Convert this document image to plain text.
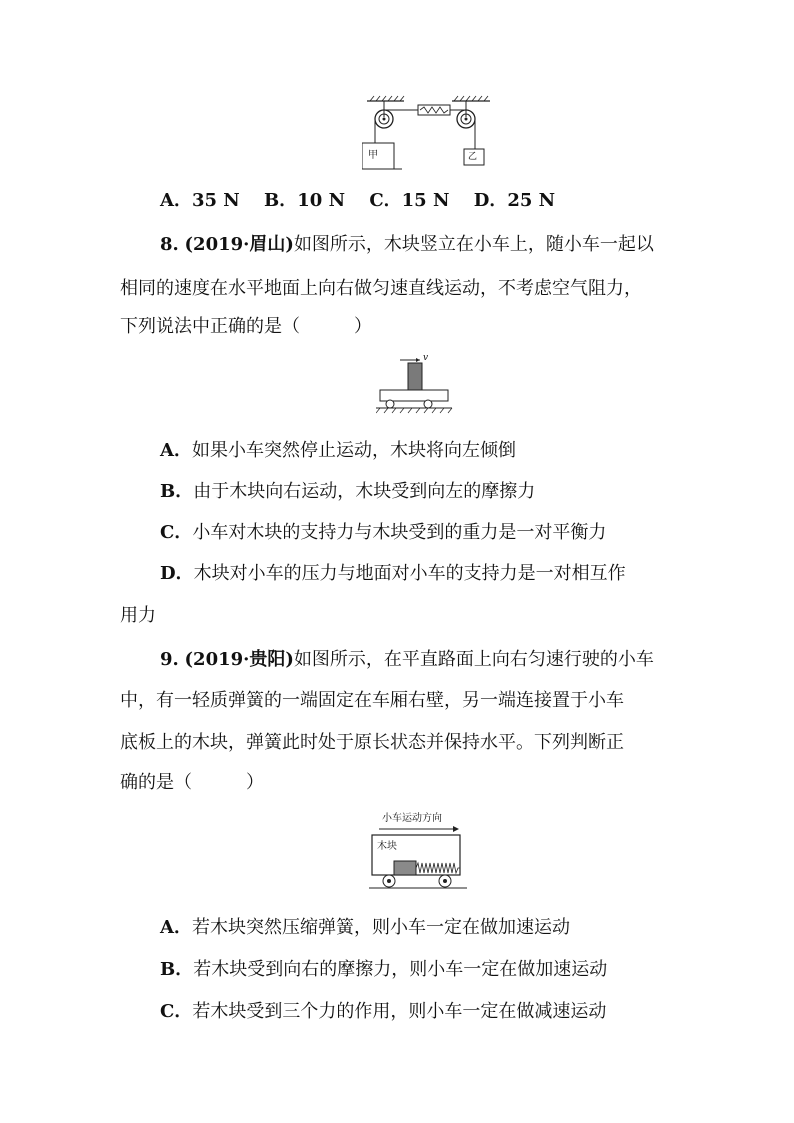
甲	乙
A．35 N B．10 N C．15 N D．25 N
8. (2019·眉山)如图所示，木块竖立在小车上，随小车一起以
相同的速度在水平地面上向右做匀速直线运动，不考虑空气阻力，
下列说法中正确的是（　　　）
v
A．如果小车突然停止运动，木块将向左倾倒
B．由于木块向右运动，木块受到向左的摩擦力
C．小车对木块的支持力与木块受到的重力是一对平衡力
D．木块对小车的压力与地面对小车的支持力是一对相互作
用力
9. (2019·贵阳)如图所示，在平直路面上向右匀速行驶的小车
中，有一轻质弹簧的一端固定在车厢右壁，另一端连接置于小车
底板上的木块，弹簧此时处于原长状态并保持水平。下列判断正
确的是（　　　）
小车运动方向
木块
A．若木块突然压缩弹簧，则小车一定在做加速运动
B．若木块受到向右的摩擦力，则小车一定在做加速运动
C．若木块受到三个力的作用，则小车一定在做减速运动
